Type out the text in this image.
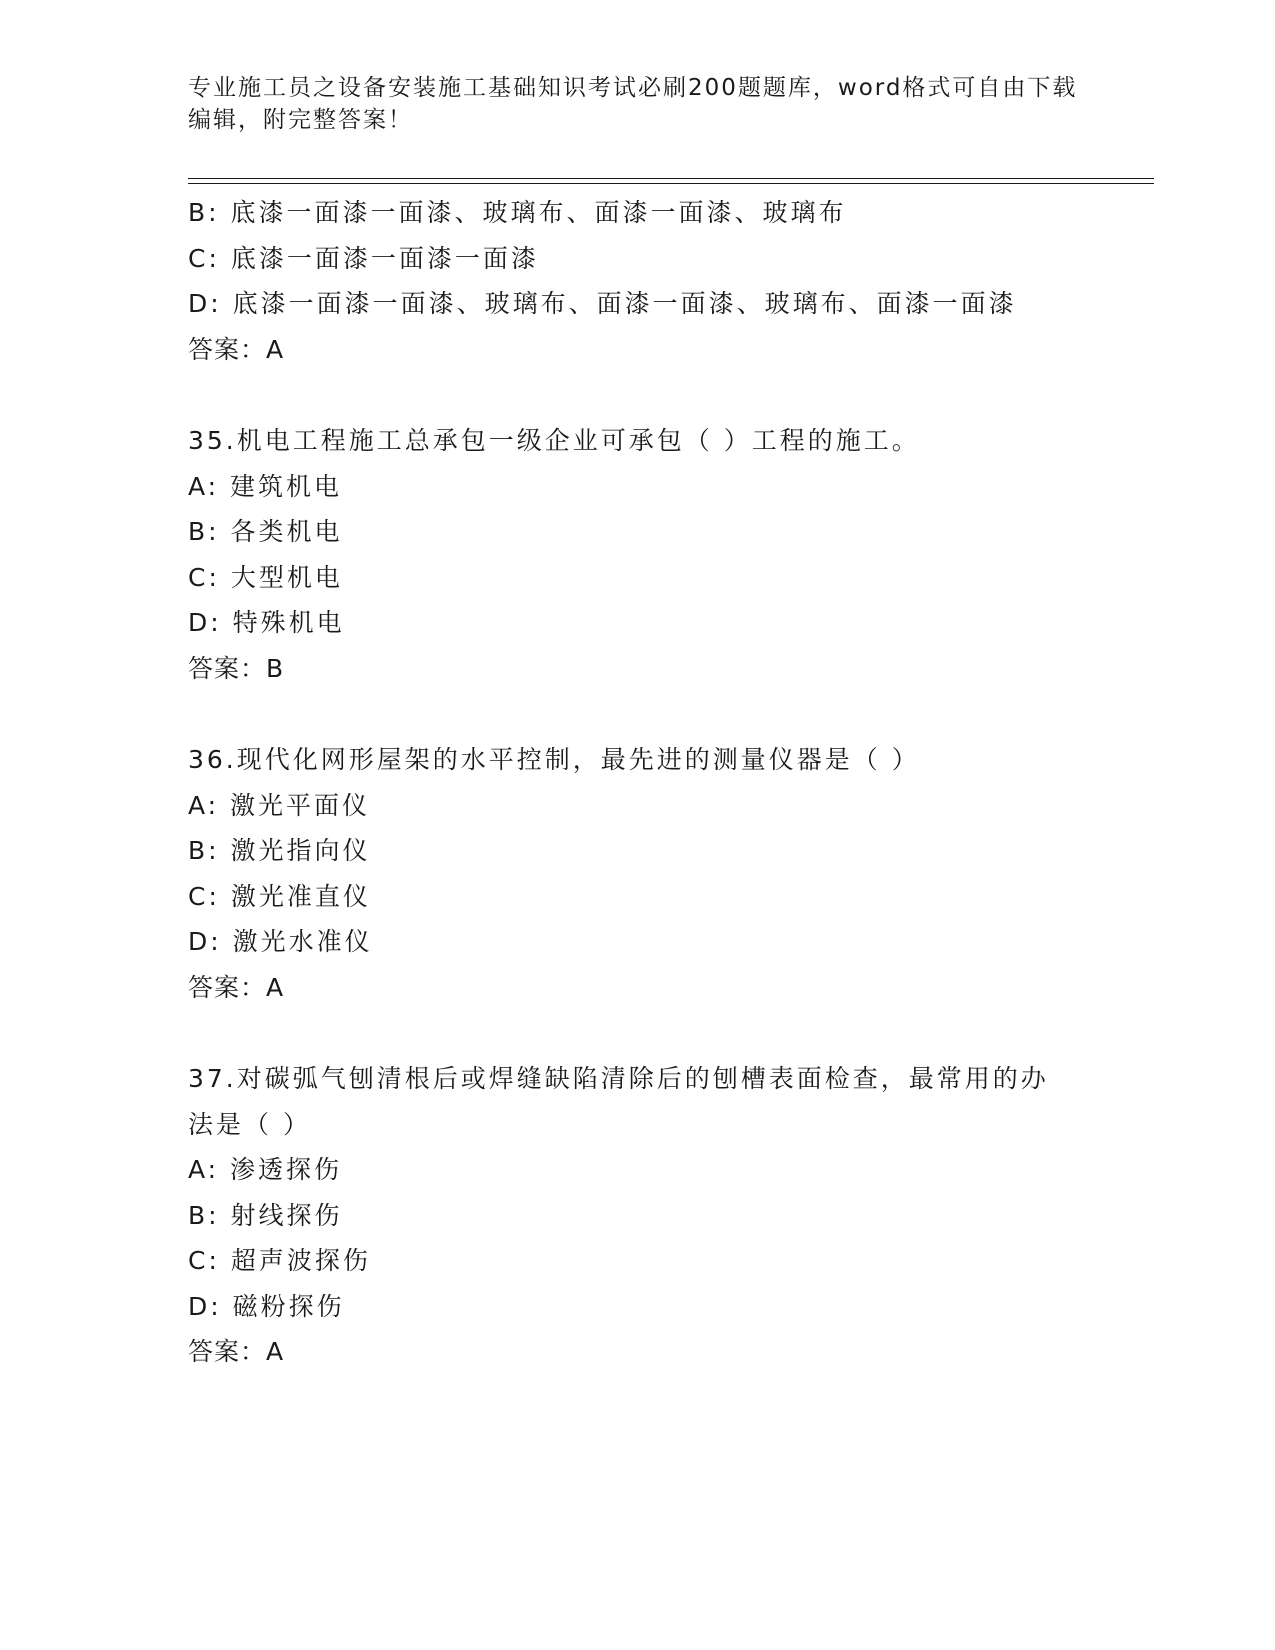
专业施工员之设备安装施工基础知识考试必刷200题题库，word格式可自由下载编辑，附完整答案！
B: 底漆一面漆一面漆、玻璃布、面漆一面漆、玻璃布
C: 底漆一面漆一面漆一面漆
D: 底漆一面漆一面漆、玻璃布、面漆一面漆、玻璃布、面漆一面漆
答案：A
35.机电工程施工总承包一级企业可承包（ ）工程的施工。
A: 建筑机电
B: 各类机电
C: 大型机电
D: 特殊机电
答案：B
36.现代化网形屋架的水平控制，最先进的测量仪器是（ ）
A: 激光平面仪
B: 激光指向仪
C: 激光准直仪
D: 激光水准仪
答案：A
37.对碳弧气刨清根后或焊缝缺陷清除后的刨槽表面检查，最常用的办法是（ ）
A: 渗透探伤
B: 射线探伤
C: 超声波探伤
D: 磁粉探伤
答案：A
